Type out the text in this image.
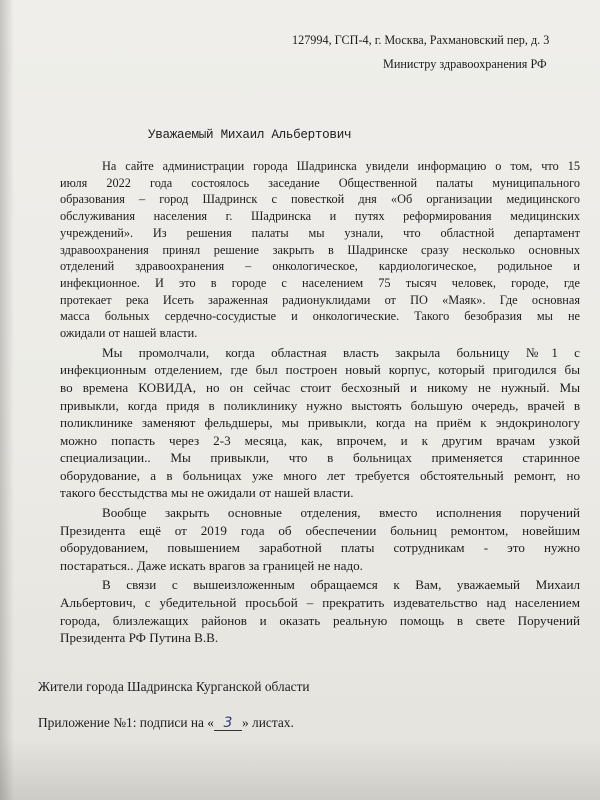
127994, ГСП-4, г. Москва, Рахмановский пер, д. 3
Министру здравоохранения РФ
Уважаемый Михаил Альбертович

На сайте администрации города Шадринска увидели информацию о том, что 15

июля 2022 года состоялось заседание Общественной палаты муниципального

образования – город Шадринск с повесткой дня «Об организации медицинского

обслуживания населения г. Шадринска и путях реформирования медицинских

учреждений». Из решения палаты мы узнали, что областной департамент

здравоохранения принял решение закрыть в Шадринске сразу несколько основных

отделений здравоохранения – онкологическое, кардиологическое, родильное и

инфекционное. И это в городе с населением 75 тысяч человек, городе, где

протекает река Исеть зараженная радионуклидами от ПО «Маяк». Где основная

масса больных сердечно-сосудистые и онкологические. Такого безобразия мы не

ожидали от нашей власти.

Мы промолчали, когда областная власть закрыла больницу №1 с

инфекционным отделением, где был построен новый корпус, который пригодился бы

во времена КОВИДА, но он сейчас стоит бесхозный и никому не нужный. Мы

привыкли, когда придя в поликлинику нужно выстоять большую очередь, врачей в

поликлинике заменяют фельдшеры, мы привыкли, когда на приём к эндокринологу

можно попасть через 2-3 месяца, как, впрочем, и к другим врачам узкой

специализации.. Мы привыкли, что в больницах применяется старинное

оборудование, а в больницах уже много лет требуется обстоятельный ремонт, но

такого бесстыдства мы не ожидали от нашей власти.

Вообще закрыть основные отделения, вместо исполнения поручений

Президента ещё от 2019 года об обеспечении больниц ремонтом, новейшим

оборудованием, повышением заработной платы сотрудникам - это нужно

постараться.. Даже искать врагов за границей не надо.

В связи с вышеизложенным обращаемся к Вам, уважаемый Михаил

Альбертович, с убедительной просьбой – прекратить издевательство над населением

города, близлежащих районов и оказать реальную помощь в свете Поручений

Президента РФ Путина В.В.

Жители города Шадринска Курганской области
Приложение №1: подписи на « 3 » листах.
